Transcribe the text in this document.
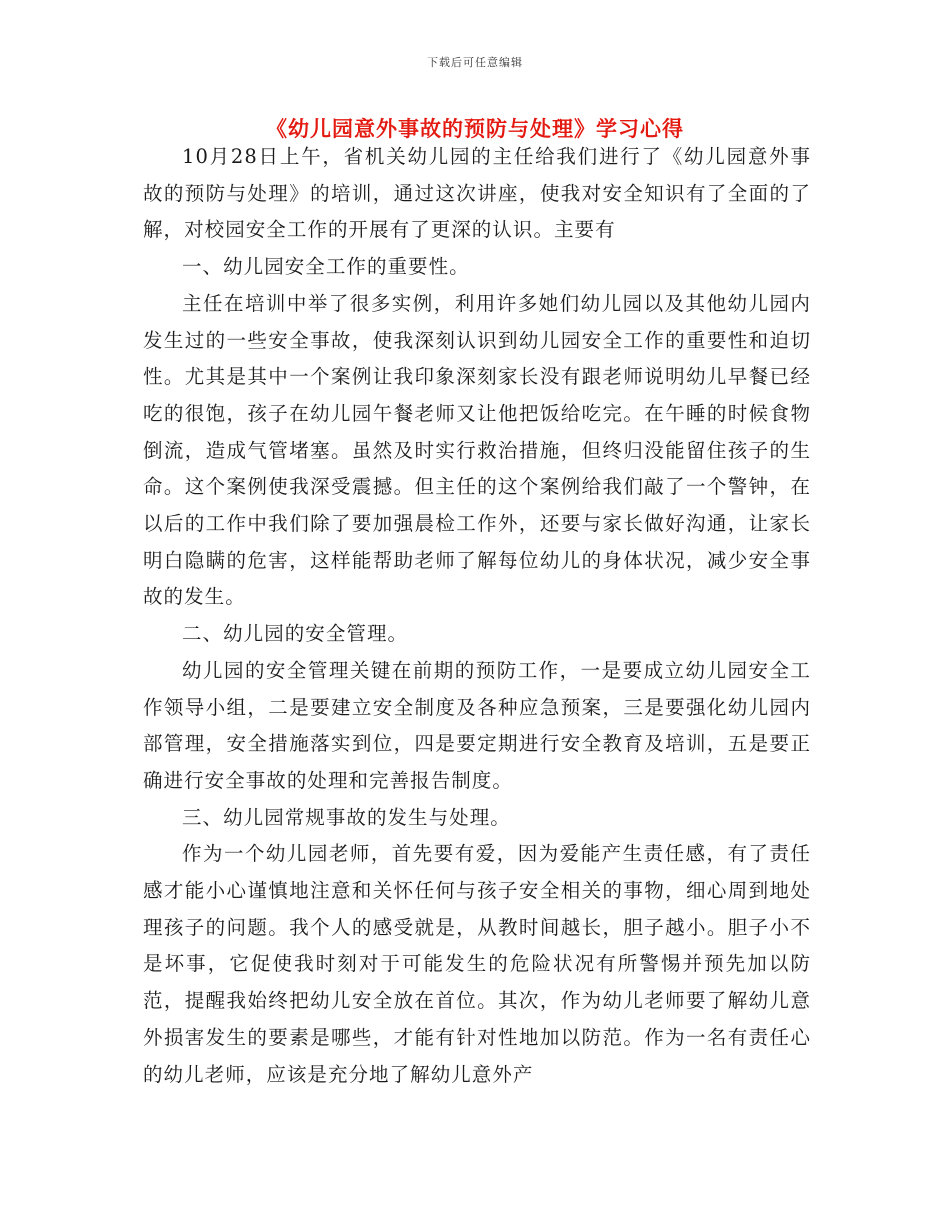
下载后可任意编辑
《幼儿园意外事故的预防与处理》学习心得

10月28日上午，省机关幼儿园的主任给我们进行了《幼儿园意外事故的预防与处理》的培训，通过这次讲座，使我对安全知识有了全面的了解，对校园安全工作的开展有了更深的认识。主要有

一、幼儿园安全工作的重要性。

主任在培训中举了很多实例，利用许多她们幼儿园以及其他幼儿园内发生过的一些安全事故，使我深刻认识到幼儿园安全工作的重要性和迫切性。尤其是其中一个案例让我印象深刻家长没有跟老师说明幼儿早餐已经吃的很饱，孩子在幼儿园午餐老师又让他把饭给吃完。在午睡的时候食物倒流，造成气管堵塞。虽然及时实行救治措施，但终归没能留住孩子的生命。这个案例使我深受震撼。但主任的这个案例给我们敲了一个警钟，在以后的工作中我们除了要加强晨检工作外，还要与家长做好沟通，让家长明白隐瞒的危害，这样能帮助老师了解每位幼儿的身体状况，减少安全事故的发生。

二、幼儿园的安全管理。

幼儿园的安全管理关键在前期的预防工作，一是要成立幼儿园安全工作领导小组，二是要建立安全制度及各种应急预案，三是要强化幼儿园内部管理，安全措施落实到位，四是要定期进行安全教育及培训，五是要正确进行安全事故的处理和完善报告制度。

三、幼儿园常规事故的发生与处理。

作为一个幼儿园老师，首先要有爱，因为爱能产生责任感，有了责任感才能小心谨慎地注意和关怀任何与孩子安全相关的事物，细心周到地处理孩子的问题。我个人的感受就是，从教时间越长，胆子越小。胆子小不是坏事，它促使我时刻对于可能发生的危险状况有所警惕并预先加以防范，提醒我始终把幼儿安全放在首位。其次，作为幼儿老师要了解幼儿意外损害发生的要素是哪些，才能有针对性地加以防范。作为一名有责任心的幼儿老师，应该是充分地了解幼儿意外产
